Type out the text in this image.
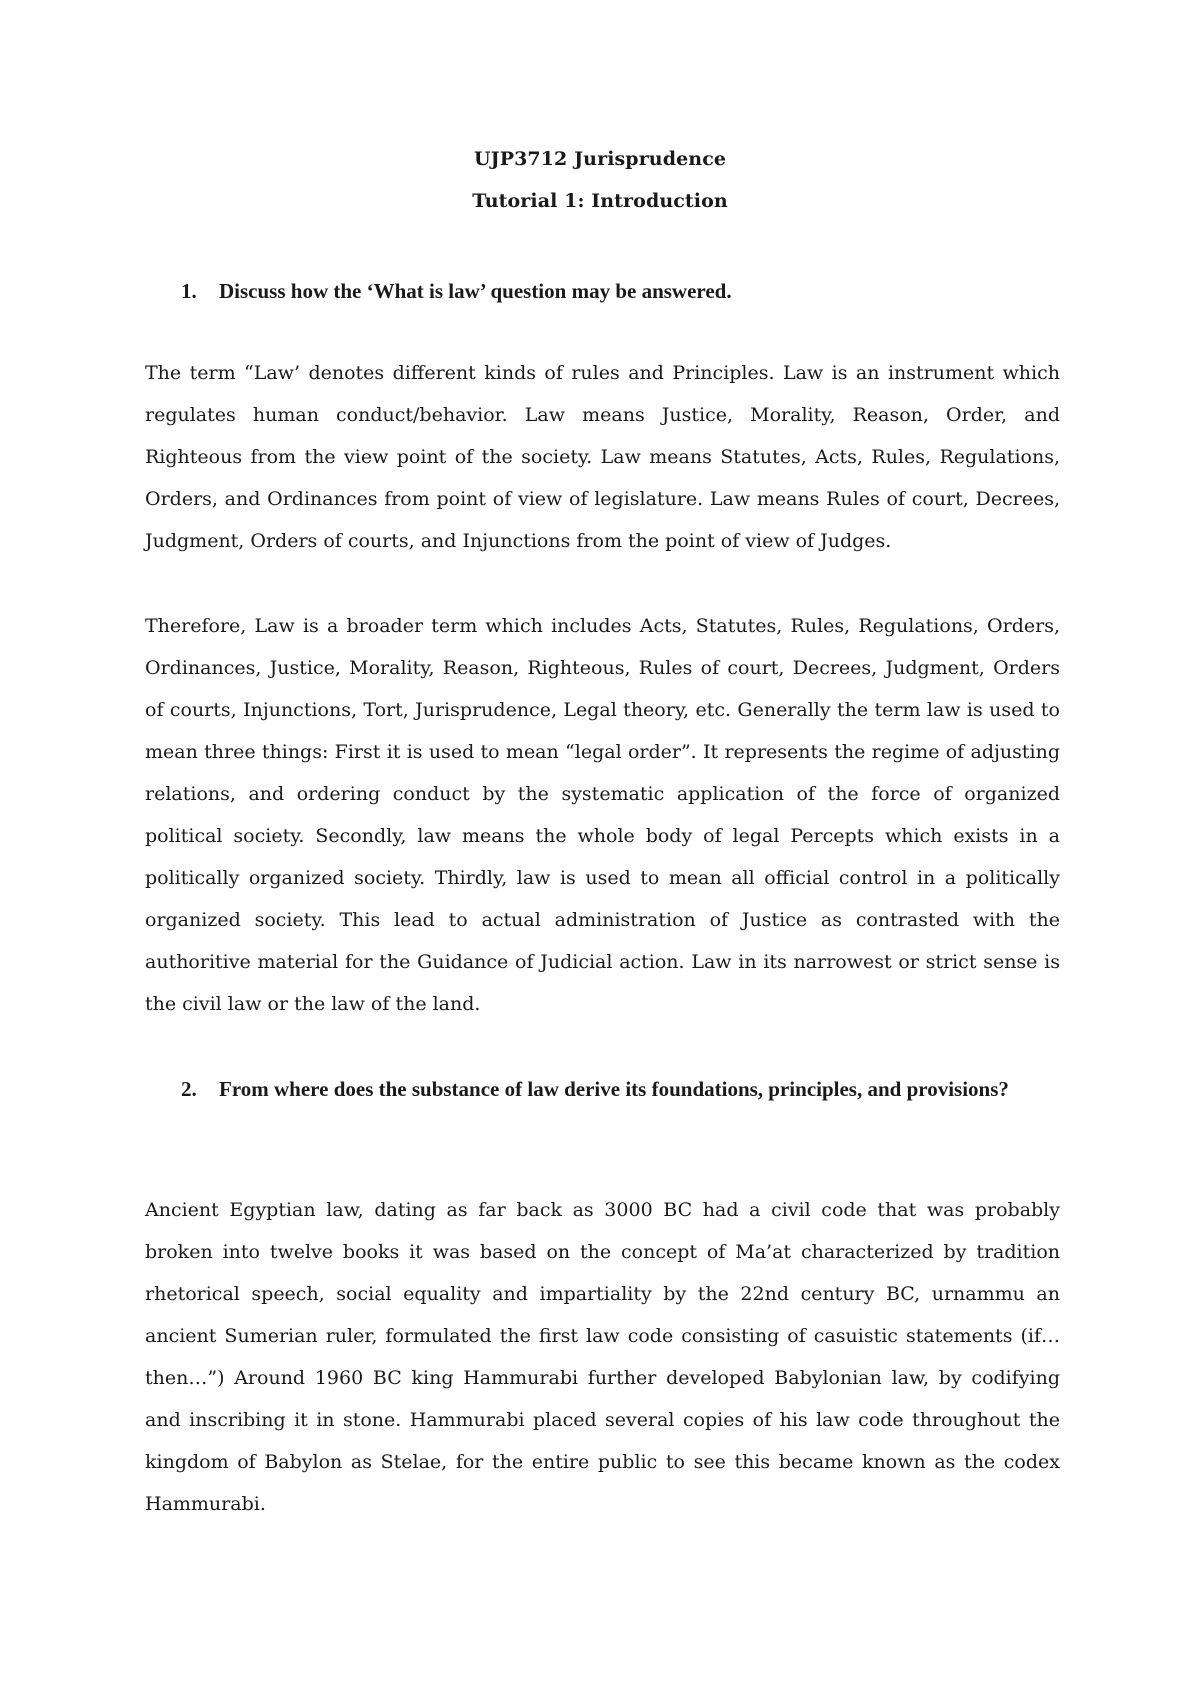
UJP3712 Jurisprudence
Tutorial 1: Introduction
1. Discuss how the ‘What is law’ question may be answered.

The term “Law’ denotes different kinds of rules and Principles. Law is an instrument which regulates human conduct/behavior. Law means Justice, Morality, Reason, Order, and Righteous from the view point of the society. Law means Statutes, Acts, Rules, Regulations, Orders, and Ordinances from point of view of legislature. Law means Rules of court, Decrees, Judgment, Orders of courts, and Injunctions from the point of view of Judges.

Therefore, Law is a broader term which includes Acts, Statutes, Rules, Regulations, Orders, Ordinances, Justice, Morality, Reason, Righteous, Rules of court, Decrees, Judgment, Orders of courts, Injunctions, Tort, Jurisprudence, Legal theory, etc. Generally the term law is used to mean three things: First it is used to mean “legal order”. It represents the regime of adjusting relations, and ordering conduct by the systematic application of the force of organized political society. Secondly, law means the whole body of legal Percepts which exists in a politically organized society. Thirdly, law is used to mean all official control in a politically organized society. This lead to actual administration of Justice as contrasted with the authoritive material for the Guidance of Judicial action. Law in its narrowest or strict sense is the civil law or the law of the land.

2. From where does the substance of law derive its foundations, principles, and provisions?

Ancient Egyptian law, dating as far back as 3000 BC had a civil code that was probably broken into twelve books it was based on the concept of Ma’at characterized by tradition rhetorical speech, social equality and impartiality by the 22nd century BC, urnammu an ancient Sumerian ruler, formulated the first law code consisting of casuistic statements (if… then…”) Around 1960 BC king Hammurabi further developed Babylonian law, by codifying and inscribing it in stone. Hammurabi placed several copies of his law code throughout the kingdom of Babylon as Stelae, for the entire public to see this became known as the codex Hammurabi.
